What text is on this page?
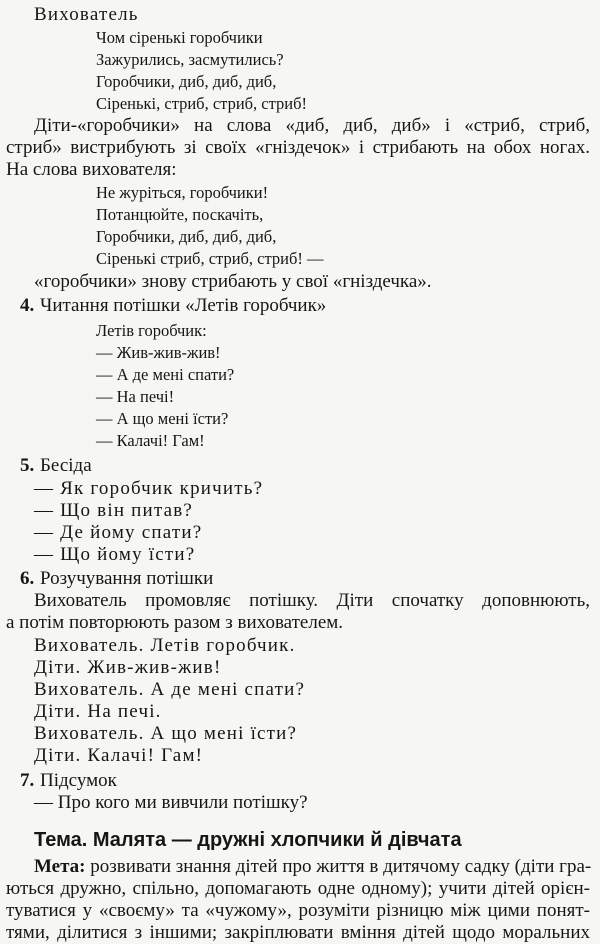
Вихователь
Чом сіренькі горобчики
Зажурились, засмутились?
Горобчики, диб, диб, диб,
Сіренькі, стриб, стриб, стриб!
Діти-«горобчики» на слова «диб, диб, диб» і «стриб, стриб,
стриб» вистрибують зі своїх «гніздечок» і стрибають на обох ногах.
На слова вихователя:
Не журіться, горобчики!
Потанцюйте, поскачіть,
Горобчики, диб, диб, диб,
Сіренькі стриб, стриб, стриб! —
«горобчики» знову стрибають у свої «гніздечка».
4. Читання потішки «Летів горобчик»
Летів горобчик:
— Жив-жив-жив!
— А де мені спати?
— На печі!
— А що мені їсти?
— Калачі! Гам!
5. Бесіда
— Як горобчик кричить?
— Що він питав?
— Де йому спати?
— Що йому їсти?
6. Розучування потішки
Вихователь промовляє потішку. Діти спочатку доповнюють,
а потім повторюють разом з вихователем.
Вихователь. Летів горобчик.
Діти. Жив-жив-жив!
Вихователь. А де мені спати?
Діти. На печі.
Вихователь. А що мені їсти?
Діти. Калачі! Гам!
7. Підсумок
— Про кого ми вивчили потішку?
Тема. Малята — дружні хлопчики й дівчата
Мета: розвивати знання дітей про життя в дитячому садку (діти гра-
ються дружно, спільно, допомагають одне одному); учити дітей орієн-
туватися у «своєму» та «чужому», розуміти різницю між цими понят-
тями, ділитися з іншими; закріплювати вміння дітей щодо моральних
